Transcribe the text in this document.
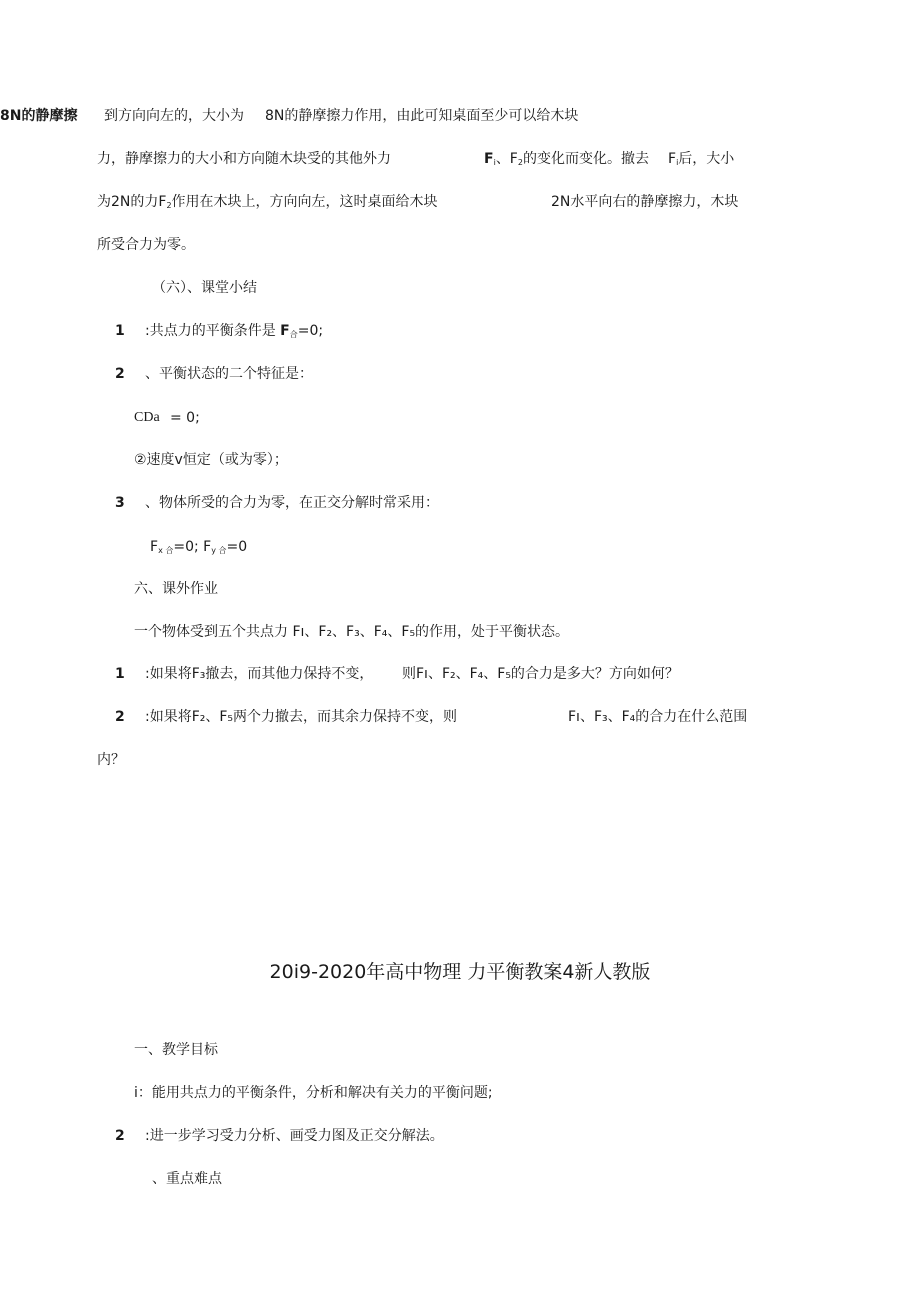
8N的静摩擦 到方向向左的，大小为 8N的静摩擦力作用，由此可知桌面至少可以给木块
力，静摩擦力的大小和方向随木块受的其他外力	$F_i$、$F_2$的变化而变化。撤去 $F_i$后，大小
为2N的力$F_2$作用在木块上，方向向左，这时桌面给木块	2N水平向右的静摩擦力，木块
所受合力为零。
（六）、课堂小结
1 :共点力的平衡条件是 $F_合=0$;
2 、平衡状态的二个特征是：
CDa = 0;
②速度v恒定（或为零）；
3 、物体所受的合力为零，在正交分解时常采用：
$F_{x 合}=0$; $F_{y 合}=0$
六、课外作业
一个物体受到五个共点力 Fı、F₂、F₃、F₄、F₅的作用，处于平衡状态。
1 :如果将F₃撤去，而其他力保持不变， 则Fı、F₂、F₄、F₅的合力是多大？方向如何？
2 :如果将F₂、F₅两个力撤去，而其余力保持不变，则	Fı、F₃、F₄的合力在什么范围
内？
20i9-2020年高中物理 力平衡教案4新人教版
一、教学目标
i：能用共点力的平衡条件，分析和解决有关力的平衡问题;
2 :进一步学习受力分析、画受力图及正交分解法。
、重点难点
